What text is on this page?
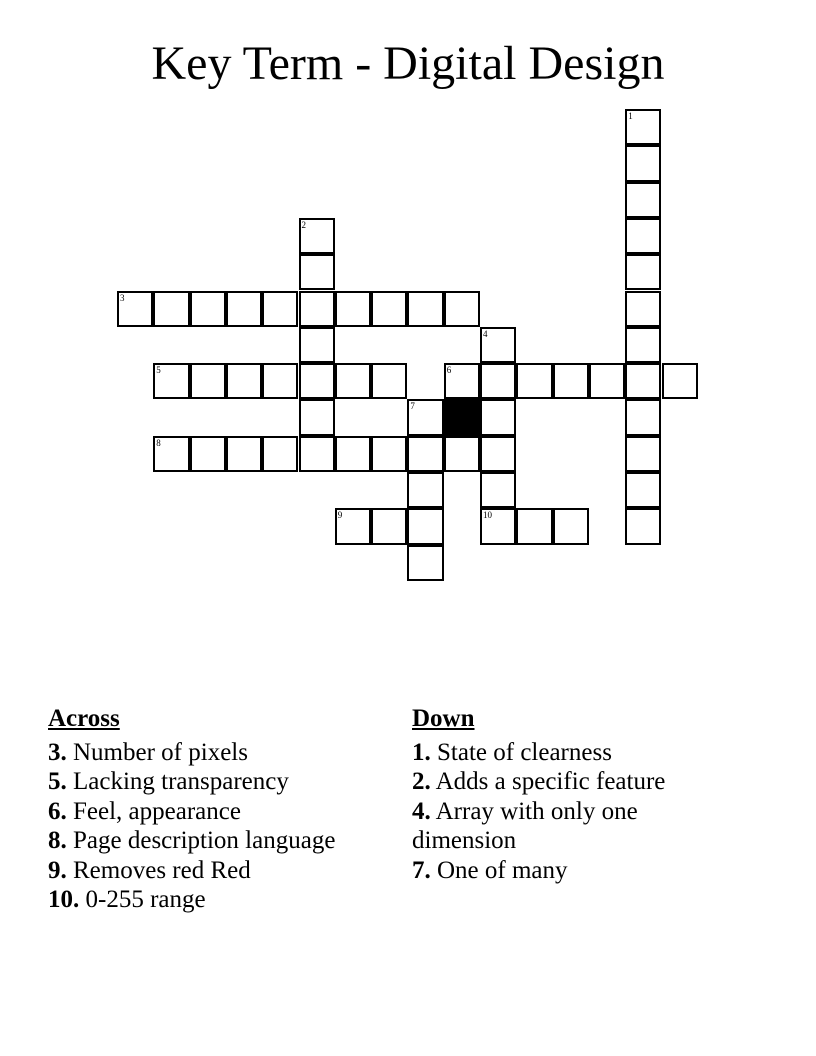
Key Term - Digital Design
1
2
3
4
10
5	6
7
8
9
Across
3. Number of pixels
5. Lacking transparency
6. Feel, appearance
8. Page description language
9. Removes red Red
10. 0-255 range
Down
1. State of clearness
2. Adds a specific feature
4. Array with only one dimension
7. One of many
